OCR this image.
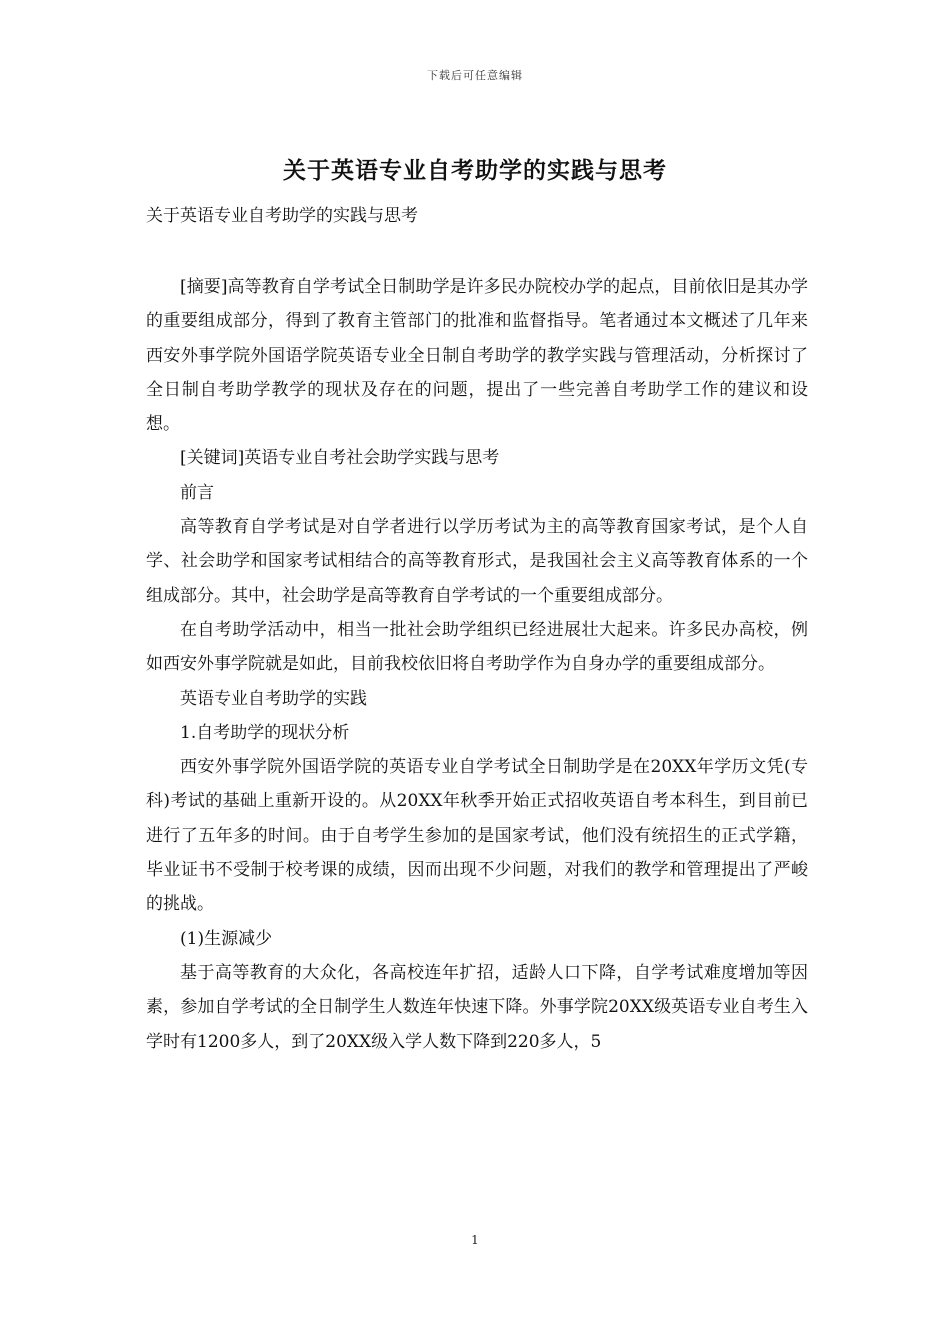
下载后可任意编辑
关于英语专业自考助学的实践与思考

关于英语专业自考助学的实践与思考

[摘要]高等教育自学考试全日制助学是许多民办院校办学的起点，目前依旧是其办学的重要组成部分，得到了教育主管部门的批准和监督指导。笔者通过本文概述了几年来西安外事学院外国语学院英语专业全日制自考助学的教学实践与管理活动，分析探讨了全日制自考助学教学的现状及存在的问题，提出了一些完善自考助学工作的建议和设想。

[关键词]英语专业自考社会助学实践与思考

前言

高等教育自学考试是对自学者进行以学历考试为主的高等教育国家考试，是个人自学、社会助学和国家考试相结合的高等教育形式，是我国社会主义高等教育体系的一个组成部分。其中，社会助学是高等教育自学考试的一个重要组成部分。

在自考助学活动中，相当一批社会助学组织已经进展壮大起来。许多民办高校，例如西安外事学院就是如此，目前我校依旧将自考助学作为自身办学的重要组成部分。

英语专业自考助学的实践

1.自考助学的现状分析

西安外事学院外国语学院的英语专业自学考试全日制助学是在20XX年学历文凭(专科)考试的基础上重新开设的。从20XX年秋季开始正式招收英语自考本科生，到目前已进行了五年多的时间。由于自考学生参加的是国家考试，他们没有统招生的正式学籍，毕业证书不受制于校考课的成绩，因而出现不少问题，对我们的教学和管理提出了严峻的挑战。

(1)生源减少

基于高等教育的大众化，各高校连年扩招，适龄人口下降，自学考试难度增加等因素，参加自学考试的全日制学生人数连年快速下降。外事学院20XX级英语专业自考生入学时有1200多人，到了20XX级入学人数下降到220多人，5

1
